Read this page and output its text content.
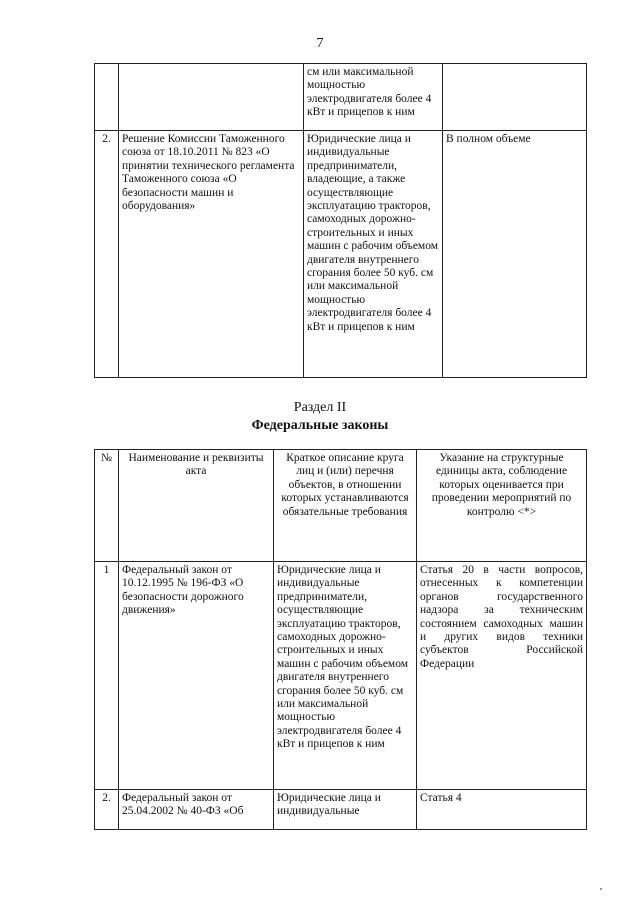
7
		см или максимальной мощностью электродвигателя более 4 кВт и прицепов к ним	
2.	Решение Комиссии Таможенного союза от 18.10.2011 № 823 «О принятии технического регламента Таможенного союза «О безопасности машин и оборудования»	Юридические лица и индивидуальные предприниматели, владеющие, а также осуществляющие эксплуатацию тракторов, самоходных дорожно-строительных и иных машин с рабочим объемом двигателя внутреннего сгорания более 50 куб. см или максимальной мощностью электродвигателя более 4 кВт и прицепов к ним	В полном объеме
Раздел II
Федеральные законы
№	Наименование и реквизиты акта	Краткое описание круга лиц и (или) перечня объектов, в отношении которых устанавливаются обязательные требования	Указание на структурные единицы акта, соблюдение которых оценивается при проведении мероприятий по контролю <*>
1	Федеральный закон от 10.12.1995 № 196-ФЗ «О безопасности дорожного движения»	Юридические лица и индивидуальные предприниматели, осуществляющие эксплуатацию тракторов, самоходных дорожно-строительных и иных машин с рабочим объемом двигателя внутреннего сгорания более 50 куб. см или максимальной мощностью электродвигателя более 4 кВт и прицепов к ним	Статья 20 в части вопросов, отнесенных к компетенции органов государственного надзора за техническим состоянием самоходных машин и других видов техники субъектов Российской Федерации
2.	Федеральный закон от 25.04.2002 № 40-ФЗ «Об	Юридические лица и индивидуальные	Статья 4
